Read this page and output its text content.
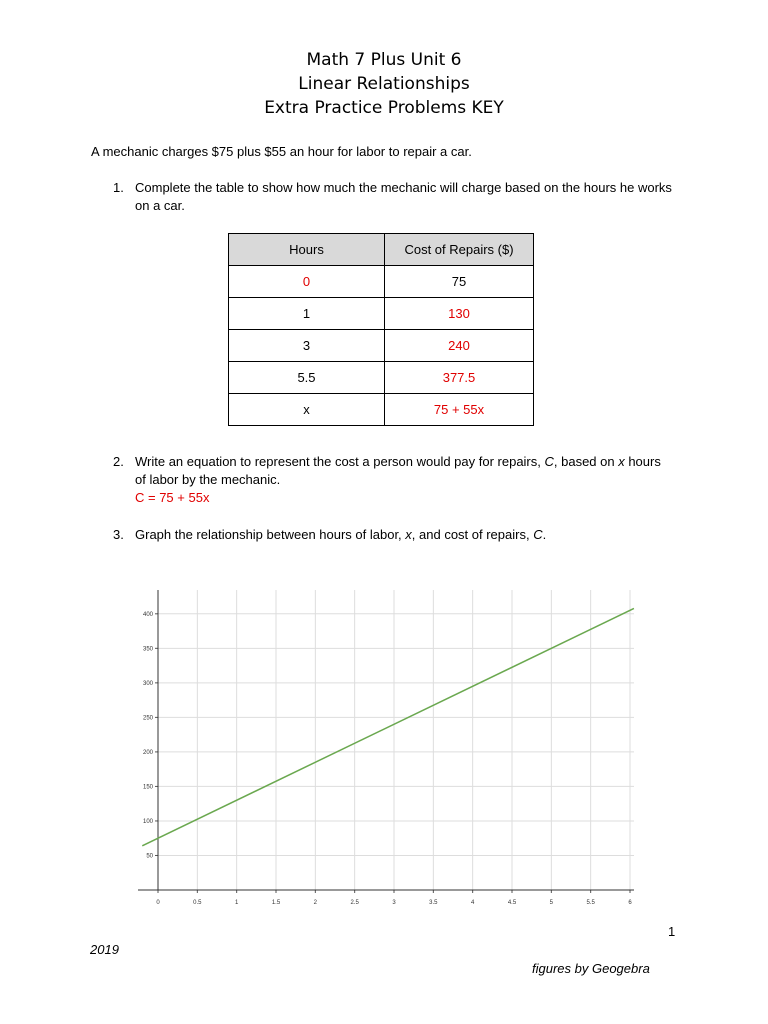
Math 7 Plus Unit 6
Linear Relationships
Extra Practice Problems KEY
A mechanic charges $75 plus $55 an hour for labor to repair a car.
1. Complete the table to show how much the mechanic will charge based on the hours he works on a car.
Hours	Cost of Repairs ($)
0	75
1	130
3	240
5.5	377.5
x	75 + 55x
2. Write an equation to represent the cost a person would pay for repairs, C, based on x hours of labor by the mechanic.
C = 75 + 55x
3. Graph the relationship between hours of labor, x, and cost of repairs, C.
0	0.5	1	1.5	2	2.5	3	3.5	4	4.5	5	5.5	6
50
100
150
200
250
300
350
400
1
2019
figures by Geogebra
